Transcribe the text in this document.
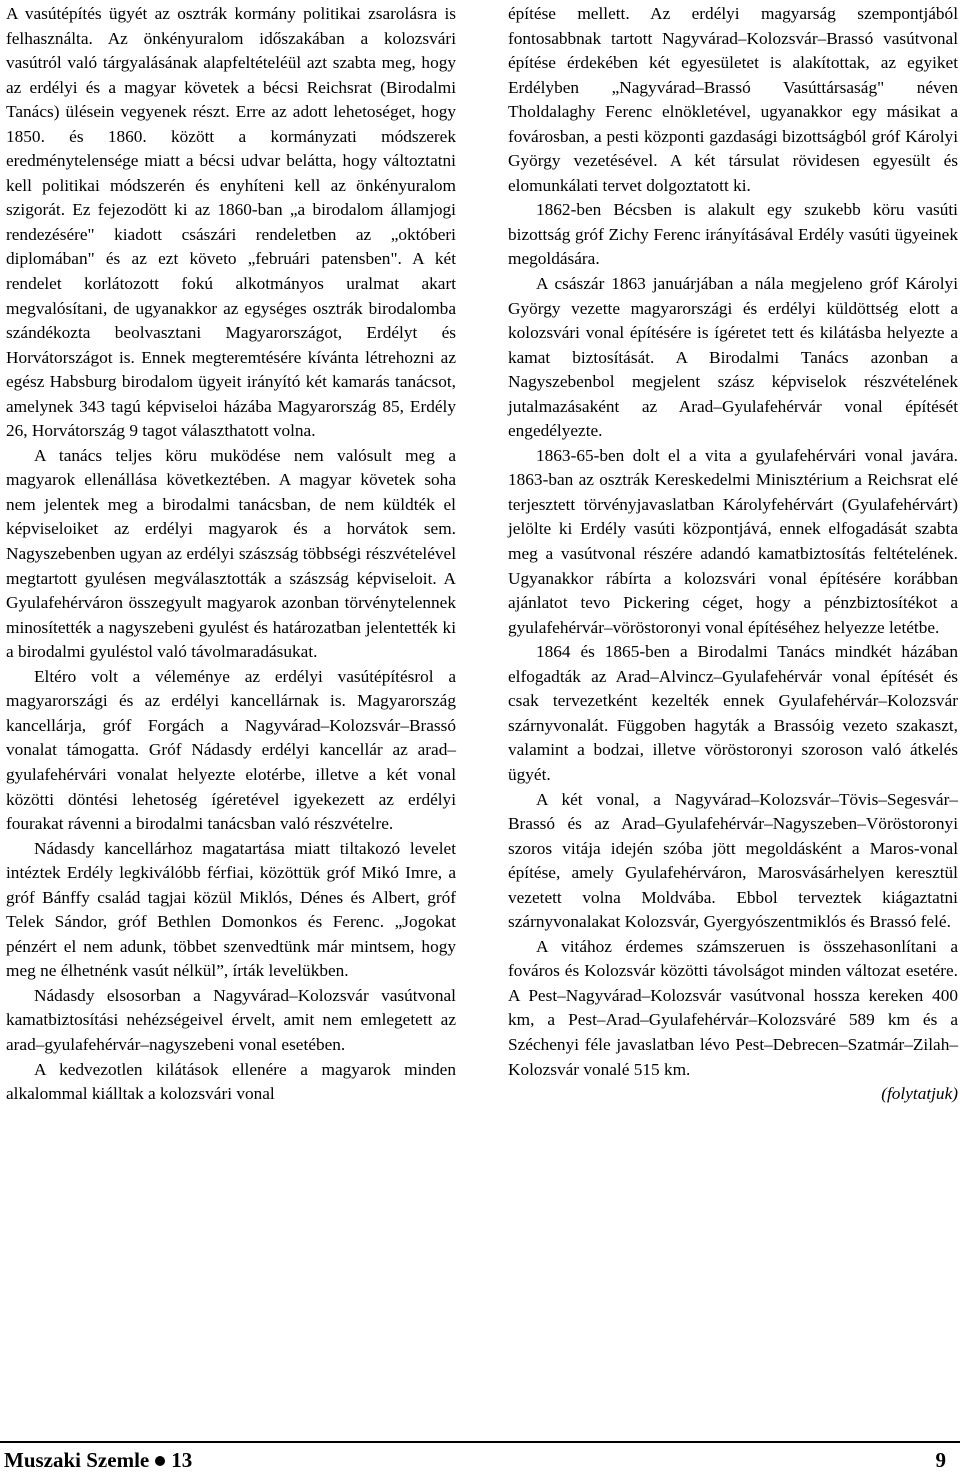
A vasútépítés ügyét az osztrák kormány politikai zsarolásra is felhasználta. Az önkényuralom időszakában a kolozsvári vasútról való tárgyalásának alapfeltételéül azt szabta meg, hogy az erdélyi és a magyar követek a bécsi Reichsrat (Birodalmi Tanács) ülésein vegyenek részt. Erre az adott lehetoséget, hogy 1850. és 1860. között a kormányzati módszerek eredménytelensége miatt a bécsi udvar belátta, hogy változtatni kell politikai módszerén és enyhíteni kell az önkényuralom szigorát. Ez fejezodött ki az 1860-ban „a birodalom államjogi rendezésére" kiadott császári rendeletben az „októberi diplomában" és az ezt követo „februári patensben". A két rendelet korlátozott fokú alkotmányos uralmat akart megvalósítani, de ugyanakkor az egységes osztrák birodalomba szándékozta beolvasztani Magyarországot, Erdélyt és Horvátországot is. Ennek megteremtésére kívánta létrehozni az egész Habsburg birodalom ügyeit irányító két kamarás tanácsot, amelynek 343 tagú képviseloi házába Magyarország 85, Erdély 26, Horvátország 9 tagot választhatott volna.

A tanács teljes köru muködése nem valósult meg a magyarok ellenállása következtében. A magyar követek soha nem jelentek meg a birodalmi tanácsban, de nem küldték el képviseloiket az erdélyi magyarok és a horvátok sem. Nagyszebenben ugyan az erdélyi szászság többségi részvételével megtartott gyulésen megválasztották a szászság képviseloit. A Gyulafehérváron összegyult magyarok azonban törvénytelennek minosítették a nagyszebeni gyulést és határozatban jelentették ki a birodalmi gyuléstol való távolmaradásukat.

Eltéro volt a véleménye az erdélyi vasútépítésrol a magyarországi és az erdélyi kancellárnak is. Magyarország kancellárja, gróf Forgách a Nagyvárad–Kolozsvár–Brassó vonalat támogatta. Gróf Nádasdy erdélyi kancellár az arad–gyulafehérvári vonalat helyezte elotérbe, illetve a két vonal közötti döntési lehetoség ígéretével igyekezett az erdélyi fourakat rávenni a birodalmi tanácsban való részvételre.

Nádasdy kancellárhoz magatartása miatt tiltakozó levelet intéztek Erdély legkiválóbb férfiai, közöttük gróf Mikó Imre, a gróf Bánffy család tagjai közül Miklós, Dénes és Albert, gróf Telek Sándor, gróf Bethlen Domonkos és Ferenc. „Jogokat pénzért el nem adunk, többet szenvedtünk már mintsem, hogy meg ne élhetnénk vasút nélkül”, írták levelükben.

Nádasdy elsosorban a Nagyvárad–Kolozsvár vasútvonal kamatbiztosítási nehézségeivel érvelt, amit nem emlegetett az arad–gyulafehérvár–nagyszebeni vonal esetében.

A kedvezotlen kilátások ellenére a magyarok minden alkalommal kiálltak a kolozsvári vonal

építése mellett. Az erdélyi magyarság szempontjából fontosabbnak tartott Nagyvárad–Kolozsvár–Brassó vasútvonal építése érdekében két egyesületet is alakítottak, az egyiket Erdélyben „Nagyvárad–Brassó Vasúttársaság" néven Tholdalaghy Ferenc elnökletével, ugyanakkor egy másikat a fovárosban, a pesti központi gazdasági bizottságból gróf Károlyi György vezetésével. A két társulat rövidesen egyesült és elomunkálati tervet dolgoztatott ki.

1862-ben Bécsben is alakult egy szukebb köru vasúti bizottság gróf Zichy Ferenc irányításával Erdély vasúti ügyeinek megoldására.

A császár 1863 januárjában a nála megjeleno gróf Károlyi György vezette magyarországi és erdélyi küldöttség elott a kolozsvári vonal építésére is ígéretet tett és kilátásba helyezte a kamat biztosítását. A Birodalmi Tanács azonban a Nagyszebenbol megjelent szász képviselok részvételének jutalmazásaként az Arad–Gyulafehérvár vonal építését engedélyezte.

1863-65-ben dolt el a vita a gyulafehérvári vonal javára. 1863-ban az osztrák Kereskedelmi Minisztérium a Reichsrat elé terjesztett törvényjavaslatban Károlyfehérvárt (Gyulafehérvárt) jelölte ki Erdély vasúti központjává, ennek elfogadását szabta meg a vasútvonal részére adandó kamatbiztosítás feltételének. Ugyanakkor rábírta a kolozsvári vonal építésére korábban ajánlatot tevo Pickering céget, hogy a pénzbiztosítékot a gyulafehérvár–vöröstoronyi vonal építéséhez helyezze letétbe.

1864 és 1865-ben a Birodalmi Tanács mindkét házában elfogadták az Arad–Alvincz–Gyulafehérvár vonal építését és csak tervezetként kezelték ennek Gyulafehérvár–Kolozsvár szárnyvonalát. Függoben hagyták a Brassóig vezeto szakaszt, valamint a bodzai, illetve vöröstoronyi szoroson való átkelés ügyét.

A két vonal, a Nagyvárad–Kolozsvár–Tövis–Segesvár–Brassó és az Arad–Gyulafehérvár–Nagyszeben–Vöröstoronyi szoros vitája idején szóba jött megoldásként a Maros-vonal építése, amely Gyulafehérváron, Marosvásárhelyen keresztül vezetett volna Moldvába. Ebbol terveztek kiágaztatni szárnyvonalakat Kolozsvár, Gyergyószentmiklós és Brassó felé.

A vitához érdemes számszeruen is összehasonlítani a fováros és Kolozsvár közötti távolságot minden változat esetére. A Pest–Nagyvárad–Kolozsvár vasútvonal hossza kereken 400 km, a Pest–Arad–Gyulafehérvár–Kolozsváré 589 km és a Széchenyi féle javaslatban lévo Pest–Debrecen–Szatmár–Zilah–Kolozsvár vonalé 515 km.

(folytatjuk)

Muszaki Szemle 13	9
